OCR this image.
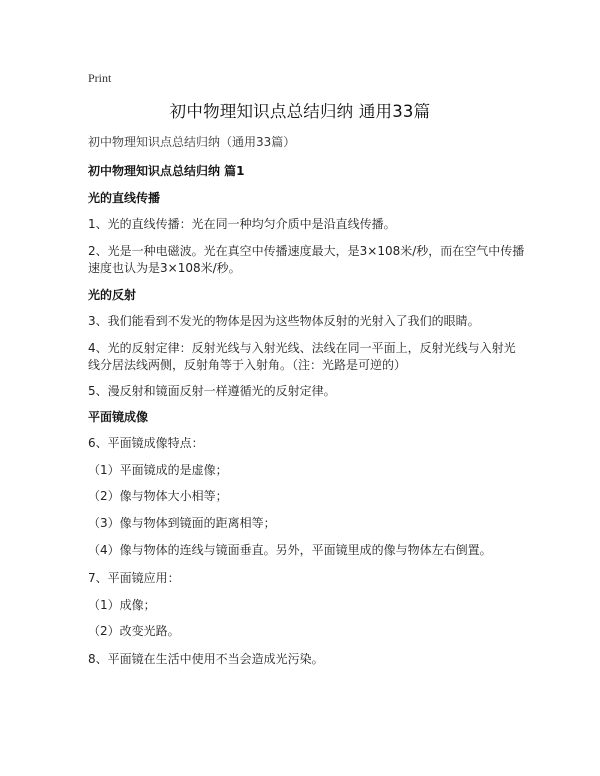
Print
初中物理知识点总结归纳 通用33篇
初中物理知识点总结归纳（通用33篇）
初中物理知识点总结归纳 篇1
光的直线传播
1、光的直线传播：光在同一种均匀介质中是沿直线传播。
2、光是一种电磁波。光在真空中传播速度最大，是3×108米/秒，而在空气中传播
速度也认为是3×108米/秒。
光的反射
3、我们能看到不发光的物体是因为这些物体反射的光射入了我们的眼睛。
4、光的反射定律：反射光线与入射光线、法线在同一平面上，反射光线与入射光
线分居法线两侧，反射角等于入射角。（注：光路是可逆的）
5、漫反射和镜面反射一样遵循光的反射定律。
平面镜成像
6、平面镜成像特点：
（1）平面镜成的是虚像；
（2）像与物体大小相等；
（3）像与物体到镜面的距离相等；
（4）像与物体的连线与镜面垂直。另外，平面镜里成的像与物体左右倒置。
7、平面镜应用：
（1）成像；
（2）改变光路。
8、平面镜在生活中使用不当会造成光污染。
